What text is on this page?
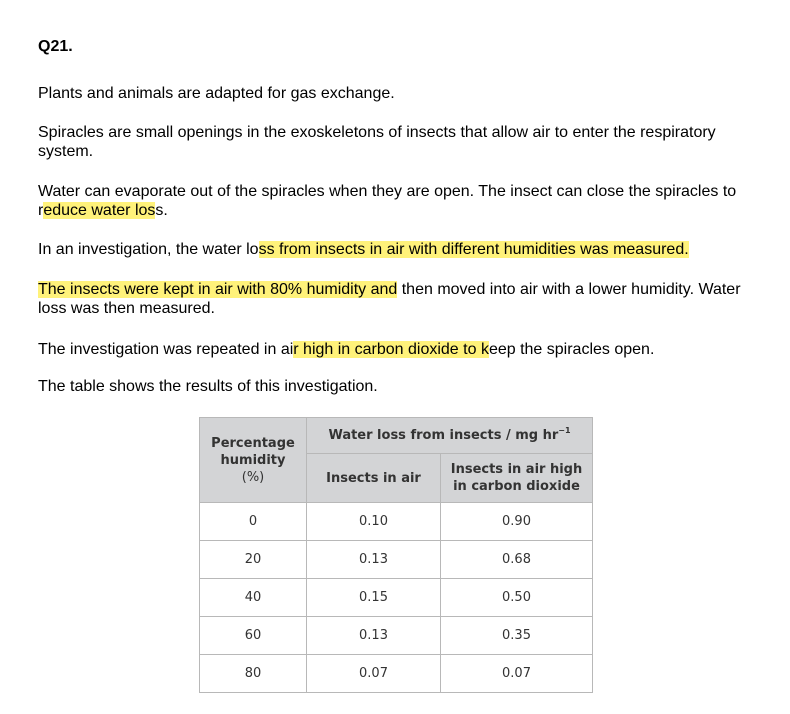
Q21.
Plants and animals are adapted for gas exchange.
Spiracles are small openings in the exoskeletons of insects that allow air to enter the respiratory system.
Water can evaporate out of the spiracles when they are open. The insect can close the spiracles to reduce water loss.
In an investigation, the water loss from insects in air with different humidities was measured.
The insects were kept in air with 80% humidity and then moved into air with a lower humidity. Water loss was then measured.
The investigation was repeated in air high in carbon dioxide to keep the spiracles open.
The table shows the results of this investigation.
Percentage
humidity
(%)	Water loss from insects / mg $hr^{-1}$
	Insects in air	Insects in air high
in carbon dioxide

0	0.10	0.90
20	0.13	0.68
40	0.15	0.50
60	0.13	0.35
80	0.07	0.07
